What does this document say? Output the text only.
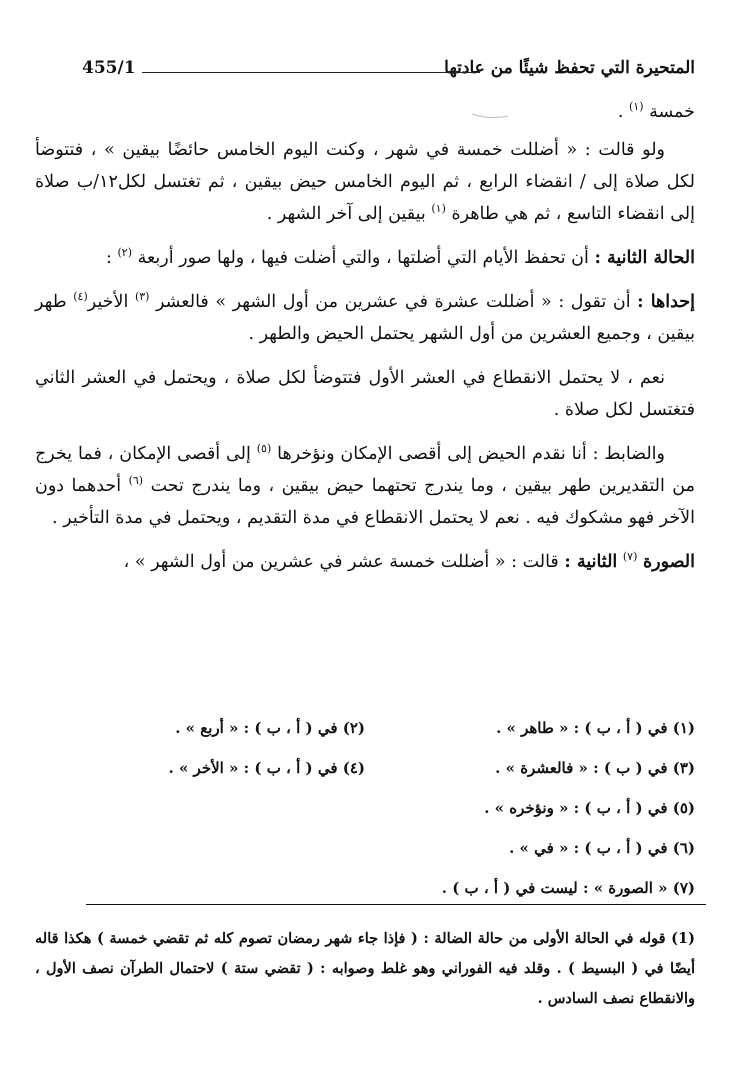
المتحيرة التي تحفظ شيئًا من عادتها
455/1

خمسة $^{(١)}$ .

ولو قالت : « أضللت خمسة في شهر ، وكنت اليوم الخامس حائضًا بيقين » ، فتتوضأ لكل صلاة إلى / انقضاء الرابع ، ثم اليوم الخامس حيض بيقين ، ثم تغتسل لكل١٢/ب صلاة إلى انقضاء التاسع ، ثم هي طاهرة $^{(١)}$ بيقين إلى آخر الشهر .

الحالة الثانية : أن تحفظ الأيام التي أضلتها ، والتي أضلت فيها ، ولها صور أربعة $^{(٢)}$ :

إحداها : أن تقول : « أضللت عشرة في عشرين من أول الشهر » فالعشر $^{(٣)}$ الأخير$^{(٤)}$ طهر بيقين ، وجميع العشرين من أول الشهر يحتمل الحيض والطهر .

نعم ، لا يحتمل الانقطاع في العشر الأول فتتوضأ لكل صلاة ، ويحتمل في العشر الثاني فتغتسل لكل صلاة .

والضابط : أنا نقدم الحيض إلى أقصى الإمكان ونؤخرها $^{(٥)}$ إلى أقصى الإمكان ، فما يخرج من التقديرين طهر بيقين ، وما يندرج تحتهما حيض بيقين ، وما يندرج تحت $^{(٦)}$ أحدهما دون الآخر فهو مشكوك فيه . نعم لا يحتمل الانقطاع في مدة التقديم ، ويحتمل في مدة التأخير .

الصورة $^{(٧)}$ الثانية : قالت : « أضللت خمسة عشر في عشرين من أول الشهر » ،

(١) في ( أ ، ب ) : « طاهر » .
(٢) في ( أ ، ب ) : « أربع » .
(٣) في ( ب ) : « فالعشرة » .
(٤) في ( أ ، ب ) : « الأخر » .
(٥) في ( أ ، ب ) : « ونؤخره » .
(٦) في ( أ ، ب ) : « في » .
(٧) « الصورة » : ليست في ( أ ، ب ) .

(1) قوله في الحالة الأولى من حالة الضالة : ( فإذا جاء شهر رمضان تصوم كله ثم تقضي خمسة ) هكذا قاله أيضًا في ( البسيط ) . وقلد فيه الفوراني وهو غلط وصوابه : ( تقضي ستة ) لاحتمال الطرآن نصف الأول ، والانقطاع نصف السادس .
